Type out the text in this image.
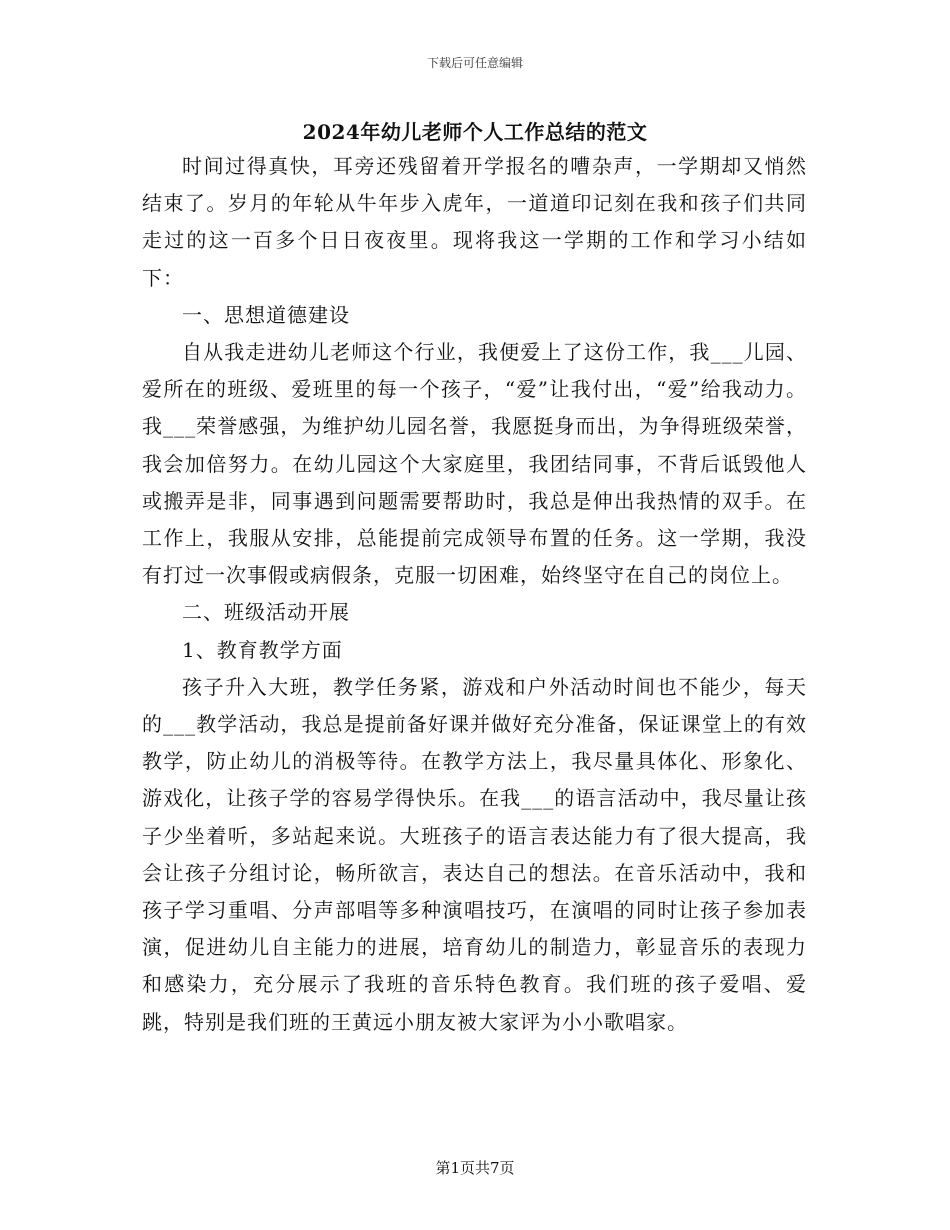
下载后可任意编辑
2024年幼儿老师个人工作总结的范文

时间过得真快，耳旁还残留着开学报名的嘈杂声，一学期却又悄然结束了。岁月的年轮从牛年步入虎年，一道道印记刻在我和孩子们共同走过的这一百多个日日夜夜里。现将我这一学期的工作和学习小结如下：

一、思想道德建设

自从我走进幼儿老师这个行业，我便爱上了这份工作，我___儿园、爱所在的班级、爱班里的每一个孩子，“爱”让我付出，“爱”给我动力。我___荣誉感强，为维护幼儿园名誉，我愿挺身而出，为争得班级荣誉，我会加倍努力。在幼儿园这个大家庭里，我团结同事，不背后诋毁他人或搬弄是非，同事遇到问题需要帮助时，我总是伸出我热情的双手。在工作上，我服从安排，总能提前完成领导布置的任务。这一学期，我没有打过一次事假或病假条，克服一切困难，始终坚守在自己的岗位上。

二、班级活动开展

1、教育教学方面

孩子升入大班，教学任务紧，游戏和户外活动时间也不能少，每天的___教学活动，我总是提前备好课并做好充分准备，保证课堂上的有效教学，防止幼儿的消极等待。在教学方法上，我尽量具体化、形象化、游戏化，让孩子学的容易学得快乐。在我___的语言活动中，我尽量让孩子少坐着听，多站起来说。大班孩子的语言表达能力有了很大提高，我会让孩子分组讨论，畅所欲言，表达自己的想法。在音乐活动中，我和孩子学习重唱、分声部唱等多种演唱技巧，在演唱的同时让孩子参加表演，促进幼儿自主能力的进展，培育幼儿的制造力，彰显音乐的表现力和感染力，充分展示了我班的音乐特色教育。我们班的孩子爱唱、爱跳，特别是我们班的王黄远小朋友被大家评为小小歌唱家。

第1页共7页
